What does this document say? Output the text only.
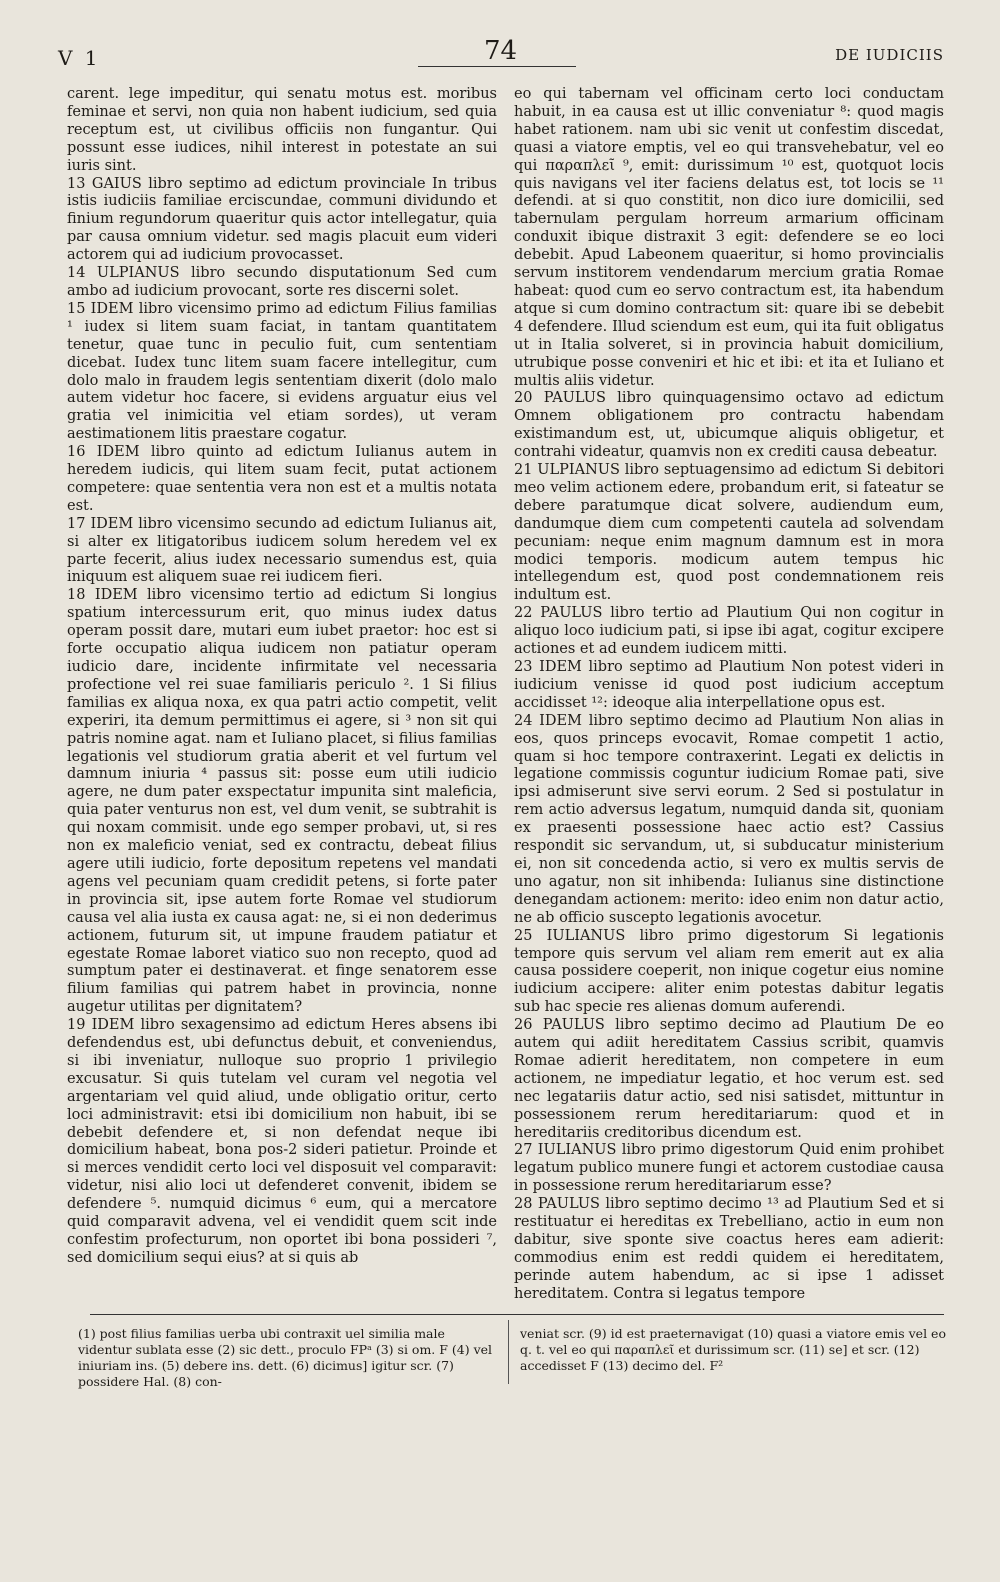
V 1	74	DE IUDICIIS

carent. lege impeditur, qui senatu motus est. moribus feminae et servi, non quia non habent iudicium, sed quia receptum est, ut civilibus officiis non fungantur. Qui possunt esse iudices, nihil interest in potestate an sui iuris sint.

13 GAIUS libro septimo ad edictum provinciale In tribus istis iudiciis familiae erciscundae, communi dividundo et finium regundorum quaeritur quis actor intellegatur, quia par causa omnium videtur. sed magis placuit eum videri actorem qui ad iudicium provocasset.

14 ULPIANUS libro secundo disputationum Sed cum ambo ad iudicium provocant, sorte res discerni solet.

15 IDEM libro vicensimo primo ad edictum Filius familias ¹ iudex si litem suam faciat, in tantam quantitatem tenetur, quae tunc in peculio fuit, cum sententiam dicebat. Iudex tunc litem suam facere intellegitur, cum dolo malo in fraudem legis sententiam dixerit (dolo malo autem videtur hoc facere, si evidens arguatur eius vel gratia vel inimicitia vel etiam sordes), ut veram aestimationem litis praestare cogatur.

16 IDEM libro quinto ad edictum Iulianus autem in heredem iudicis, qui litem suam fecit, putat actionem competere: quae sententia vera non est et a multis notata est.

17 IDEM libro vicensimo secundo ad edictum Iulianus ait, si alter ex litigatoribus iudicem solum heredem vel ex parte fecerit, alius iudex necessario sumendus est, quia iniquum est aliquem suae rei iudicem fieri.

18 IDEM libro vicensimo tertio ad edictum Si longius spatium intercessurum erit, quo minus iudex datus operam possit dare, mutari eum iubet praetor: hoc est si forte occupatio aliqua iudicem non patiatur operam iudicio dare, incidente infirmitate vel necessaria profectione vel rei suae familiaris periculo ². 1 Si filius familias ex aliqua noxa, ex qua patri actio competit, velit experiri, ita demum permittimus ei agere, si ³ non sit qui patris nomine agat. nam et Iuliano placet, si filius familias legationis vel studiorum gratia aberit et vel furtum vel damnum iniuria ⁴ passus sit: posse eum utili iudicio agere, ne dum pater exspectatur impunita sint maleficia, quia pater venturus non est, vel dum venit, se subtrahit is qui noxam commisit. unde ego semper probavi, ut, si res non ex maleficio veniat, sed ex contractu, debeat filius agere utili iudicio, forte depositum repetens vel mandati agens vel pecuniam quam credidit petens, si forte pater in provincia sit, ipse autem forte Romae vel studiorum causa vel alia iusta ex causa agat: ne, si ei non dederimus actionem, futurum sit, ut impune fraudem patiatur et egestate Romae laboret viatico suo non recepto, quod ad sumptum pater ei destinaverat. et finge senatorem esse filium familias qui patrem habet in provincia, nonne augetur utilitas per dignitatem?

19 IDEM libro sexagensimo ad edictum Heres absens ibi defendendus est, ubi defunctus debuit, et conveniendus, si ibi inveniatur, nulloque suo proprio 1 privilegio excusatur. Si quis tutelam vel curam vel negotia vel argentariam vel quid aliud, unde obligatio oritur, certo loci administravit: etsi ibi domicilium non habuit, ibi se debebit defendere et, si non defendat neque ibi domicilium habeat, bona pos-2 sideri patietur. Proinde et si merces vendidit certo loci vel disposuit vel comparavit: videtur, nisi alio loci ut defenderet convenit, ibidem se defendere ⁵. numquid dicimus ⁶ eum, qui a mercatore quid comparavit advena, vel ei vendidit quem scit inde confestim profecturum, non oportet ibi bona possideri ⁷, sed domicilium sequi eius? at si quis ab

eo qui tabernam vel officinam certo loci conductam habuit, in ea causa est ut illic conveniatur ⁸: quod magis habet rationem. nam ubi sic venit ut confestim discedat, quasi a viatore emptis, vel eo qui transvehebatur, vel eo qui παραπλεῖ ⁹, emit: durissimum ¹⁰ est, quotquot locis quis navigans vel iter faciens delatus est, tot locis se ¹¹ defendi. at si quo constitit, non dico iure domicilii, sed tabernulam pergulam horreum armarium officinam conduxit ibique distraxit 3 egit: defendere se eo loci debebit. Apud Labeonem quaeritur, si homo provincialis servum institorem vendendarum mercium gratia Romae habeat: quod cum eo servo contractum est, ita habendum atque si cum domino contractum sit: quare ibi se debebit 4 defendere. Illud sciendum est eum, qui ita fuit obligatus ut in Italia solveret, si in provincia habuit domicilium, utrubique posse conveniri et hic et ibi: et ita et Iuliano et multis aliis videtur.

20 PAULUS libro quinquagensimo octavo ad edictum Omnem obligationem pro contractu habendam existimandum est, ut, ubicumque aliquis obligetur, et contrahi videatur, quamvis non ex crediti causa debeatur.

21 ULPIANUS libro septuagensimo ad edictum Si debitori meo velim actionem edere, probandum erit, si fateatur se debere paratumque dicat solvere, audiendum eum, dandumque diem cum competenti cautela ad solvendam pecuniam: neque enim magnum damnum est in mora modici temporis. modicum autem tempus hic intellegendum est, quod post condemnationem reis indultum est.

22 PAULUS libro tertio ad Plautium Qui non cogitur in aliquo loco iudicium pati, si ipse ibi agat, cogitur excipere actiones et ad eundem iudicem mitti.

23 IDEM libro septimo ad Plautium Non potest videri in iudicium venisse id quod post iudicium acceptum accidisset ¹²: ideoque alia interpellatione opus est.

24 IDEM libro septimo decimo ad Plautium Non alias in eos, quos princeps evocavit, Romae competit 1 actio, quam si hoc tempore contraxerint. Legati ex delictis in legatione commissis coguntur iudicium Romae pati, sive ipsi admiserunt sive servi eorum. 2 Sed si postulatur in rem actio adversus legatum, numquid danda sit, quoniam ex praesenti possessione haec actio est? Cassius respondit sic servandum, ut, si subducatur ministerium ei, non sit concedenda actio, si vero ex multis servis de uno agatur, non sit inhibenda: Iulianus sine distinctione denegandam actionem: merito: ideo enim non datur actio, ne ab officio suscepto legationis avocetur.

25 IULIANUS libro primo digestorum Si legationis tempore quis servum vel aliam rem emerit aut ex alia causa possidere coeperit, non inique cogetur eius nomine iudicium accipere: aliter enim potestas dabitur legatis sub hac specie res alienas domum auferendi.

26 PAULUS libro septimo decimo ad Plautium De eo autem qui adiit hereditatem Cassius scribit, quamvis Romae adierit hereditatem, non competere in eum actionem, ne impediatur legatio, et hoc verum est. sed nec legatariis datur actio, sed nisi satisdet, mittuntur in possessionem rerum hereditariarum: quod et in hereditariis creditoribus dicendum est.

27 IULIANUS libro primo digestorum Quid enim prohibet legatum publico munere fungi et actorem custodiae causa in possessione rerum hereditariarum esse?

28 PAULUS libro septimo decimo ¹³ ad Plautium Sed et si restituatur ei hereditas ex Trebelliano, actio in eum non dabitur, sive sponte sive coactus heres eam adierit: commodius enim est reddi quidem ei hereditatem, perinde autem habendum, ac si ipse 1 adisset hereditatem. Contra si legatus tempore

(1) post filius familias uerba ubi contraxit uel similia male videntur sublata esse (2) sic dett., proculo FPᵃ (3) si om. F (4) vel iniuriam ins. (5) debere ins. dett. (6) dicimus] igitur scr. (7) possidere Hal. (8) con-
veniat scr. (9) id est praeternavigat (10) quasi a viatore emis vel eo q. t. vel eo qui παραπλεῖ et durissimum scr. (11) se] et scr. (12) accedisset F (13) decimo del. F²
